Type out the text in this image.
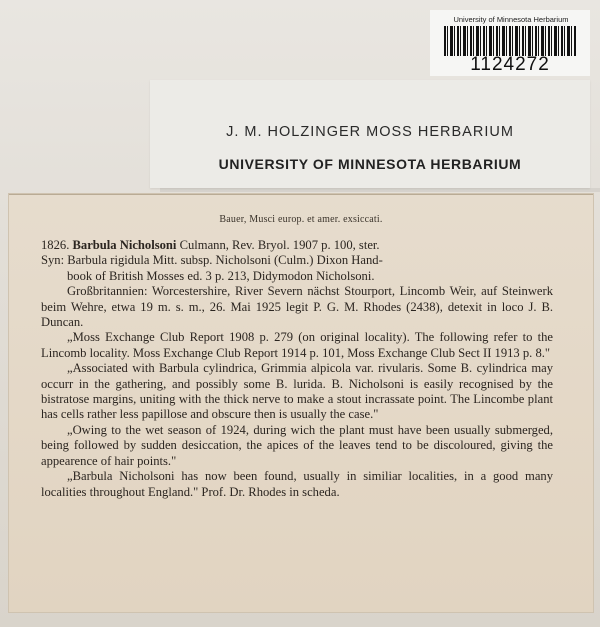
University of Minnesota Herbarium
1124272
J. M. HOLZINGER MOSS HERBARIUM
UNIVERSITY OF MINNESOTA HERBARIUM
Bauer, Musci europ. et amer. exsiccati.

1826. Barbula Nicholsoni Culmann, Rev. Bryol. 1907 p. 100, ster.

Syn: Barbula rigidula Mitt. subsp. Nicholsoni (Culm.) Dixon Hand-

book of British Mosses ed. 3 p. 213, Didymodon Nicholsoni.

Großbritannien: Worcestershire, River Severn nächst Stourport, Lincomb Weir, auf Steinwerk beim Wehre, etwa 19 m. s. m., 26. Mai 1925 legit P. G. M. Rhodes (2438), detexit in loco J. B. Duncan.

„Moss Exchange Club Report 1908 p. 279 (on original locality). The following refer to the Lincomb locality. Moss Exchange Club Report 1914 p. 101, Moss Exchange Club Sect II 1913 p. 8."

„Associated with Barbula cylindrica, Grimmia alpicola var. rivularis. Some B. cylindrica may occurr in the gathering, and possibly some B. lurida. B. Nicholsoni is easily recognised by the bistratose margins, uniting with the thick nerve to make a stout incrassate point. The Lincombe plant has cells rather less papillose and obscure then is usually the case."

„Owing to the wet season of 1924, during wich the plant must have been usually submerged, being followed by sudden desiccation, the apices of the leaves tend to be discoloured, giving the appearence of hair points."

„Barbula Nicholsoni has now been found, usually in similiar localities, in a good many localities throughout England." Prof. Dr. Rhodes in scheda.
